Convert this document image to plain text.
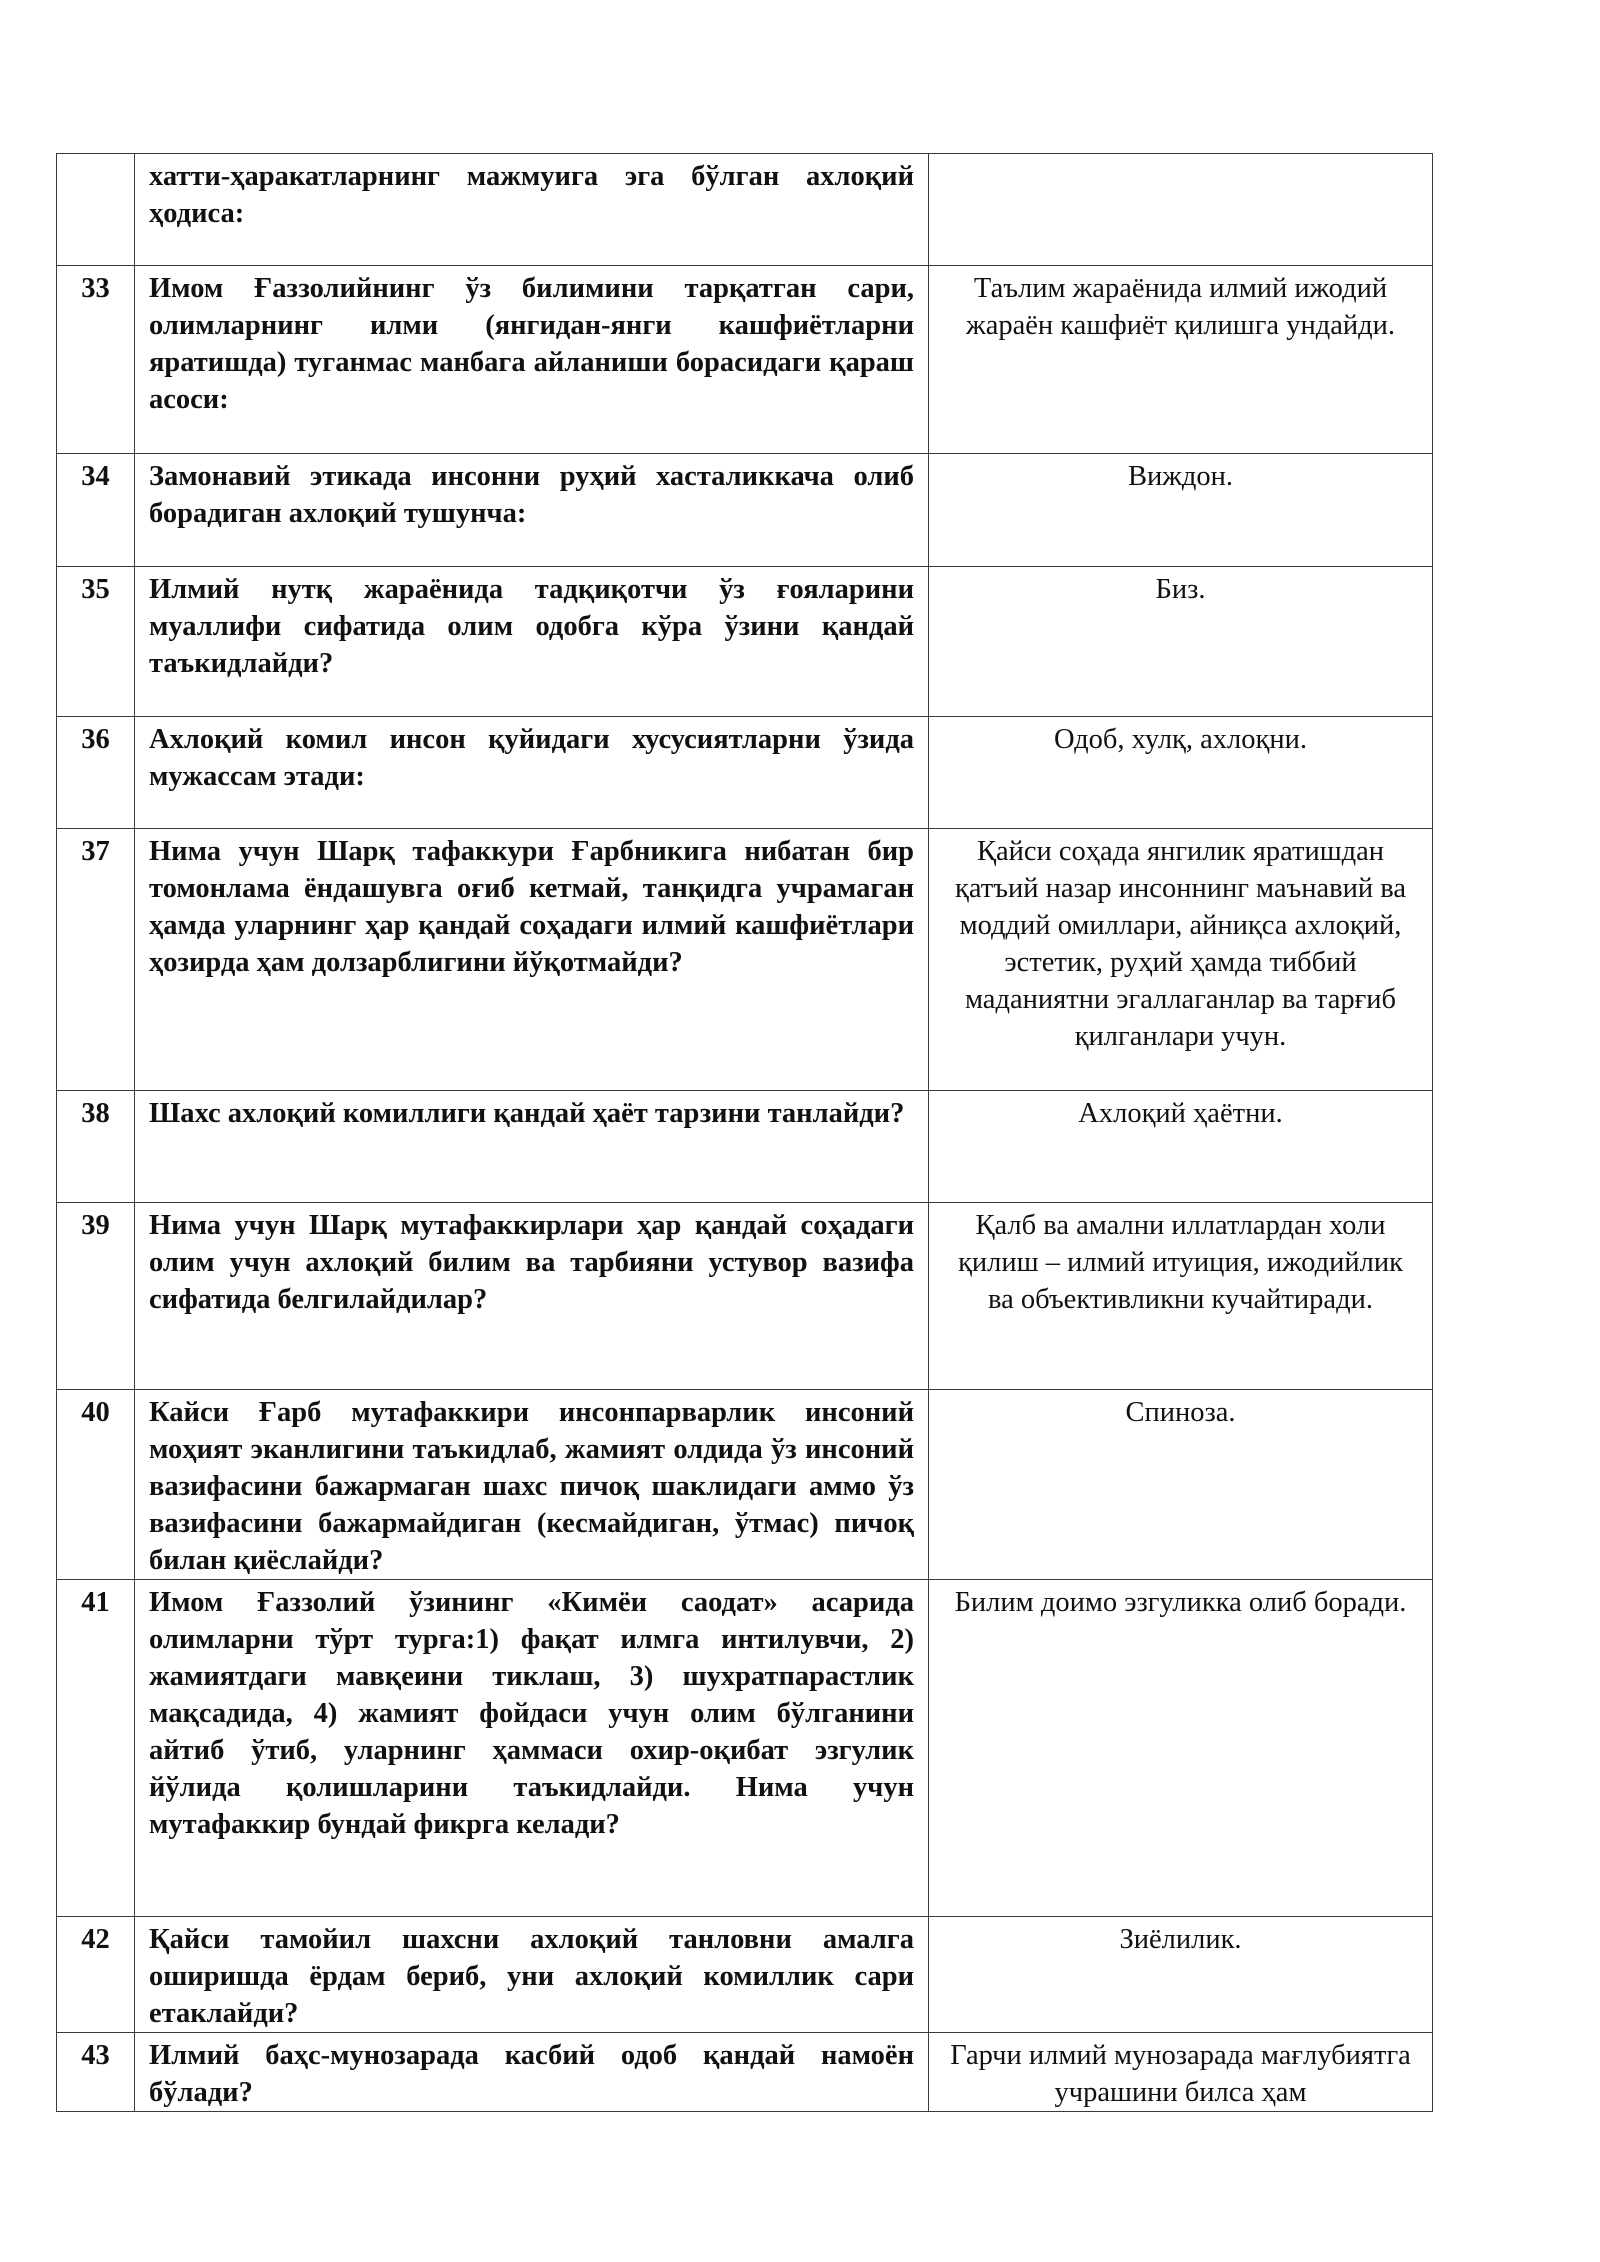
	хатти-ҳаракатларнинг мажмуига эга бўлган ахлоқий ҳодиса:	

33	Имом Ғаззолийнинг ўз билимини тарқатган сари, олимларнинг илми (янгидан-янги кашфиётларни яратишда) туганмас манбага айланиши борасидаги қараш асоси:	Таълим жараёнида илмий ижодий жараён кашфиёт қилишга ундайди.

34	Замонавий этикада инсонни руҳий хасталиккача олиб борадиган ахлоқий тушунча:	Виждон.

35	Илмий нутқ жараёнида тадқиқотчи ўз ғояларини муаллифи сифатида олим одобга кўра ўзини қандай таъкидлайди?	Биз.

36	Ахлоқий комил инсон қуйидаги хусусиятларни ўзида мужассам этади:	Одоб, хулқ, ахлоқни.

37	Нима учун Шарқ тафаккури Ғарбникига нибатан бир томонлама ёндашувга оғиб кетмай, танқидга учрамаган ҳамда уларнинг ҳар қандай соҳадаги илмий кашфиётлари ҳозирда ҳам долзарблигини йўқотмайди?	Қайси соҳада янгилик яратишдан қатъий назар инсоннинг маънавий ва моддий омиллари, айниқса ахлоқий, эстетик, руҳий ҳамда тиббий маданиятни эгаллаганлар ва тарғиб қилганлари учун.

38	Шахс ахлоқий комиллиги қандай ҳаёт тарзини танлайди?	Ахлоқий ҳаётни.

39	Нима учун Шарқ мутафаккирлари ҳар қандай соҳадаги олим учун ахлоқий билим ва тарбияни устувор вазифа сифатида белгилайдилар?	Қалб ва амални иллатлардан холи қилиш – илмий итуиция, ижодийлик ва объективликни кучайтиради.

40	Кайси Ғарб мутафаккири инсонпарварлик инсоний моҳият эканлигини таъкидлаб, жамият олдида ўз инсоний вазифасини бажармаган шахс пичоқ шаклидаги аммо ўз вазифасини бажармайдиган (кесмайдиган, ўтмас) пичоқ билан қиёслайди?	Спиноза.

41	Имом Ғаззолий ўзининг «Кимёи саодат» асарида олимларни тўрт турга:1) фақат илмга интилувчи, 2) жамиятдаги мавқеини тиклаш, 3) шухратпарастлик мақсадида, 4) жамият фойдаси учун олим бўлганини айтиб ўтиб, уларнинг ҳаммаси охир-оқибат эзгулик йўлида қолишларини таъкидлайди. Нима учун мутафаккир бундай фикрга келади?	Билим доимо эзгуликка олиб боради.

42	Қайси тамойил шахсни ахлоқий танловни амалга оширишда ёрдам бериб, уни ахлоқий комиллик сари етаклайди?	Зиёлилик.

43	Илмий баҳс-мунозарада касбий одоб қандай намоён бўлади?	Гарчи илмий мунозарада мағлубиятга учрашини билса ҳам
